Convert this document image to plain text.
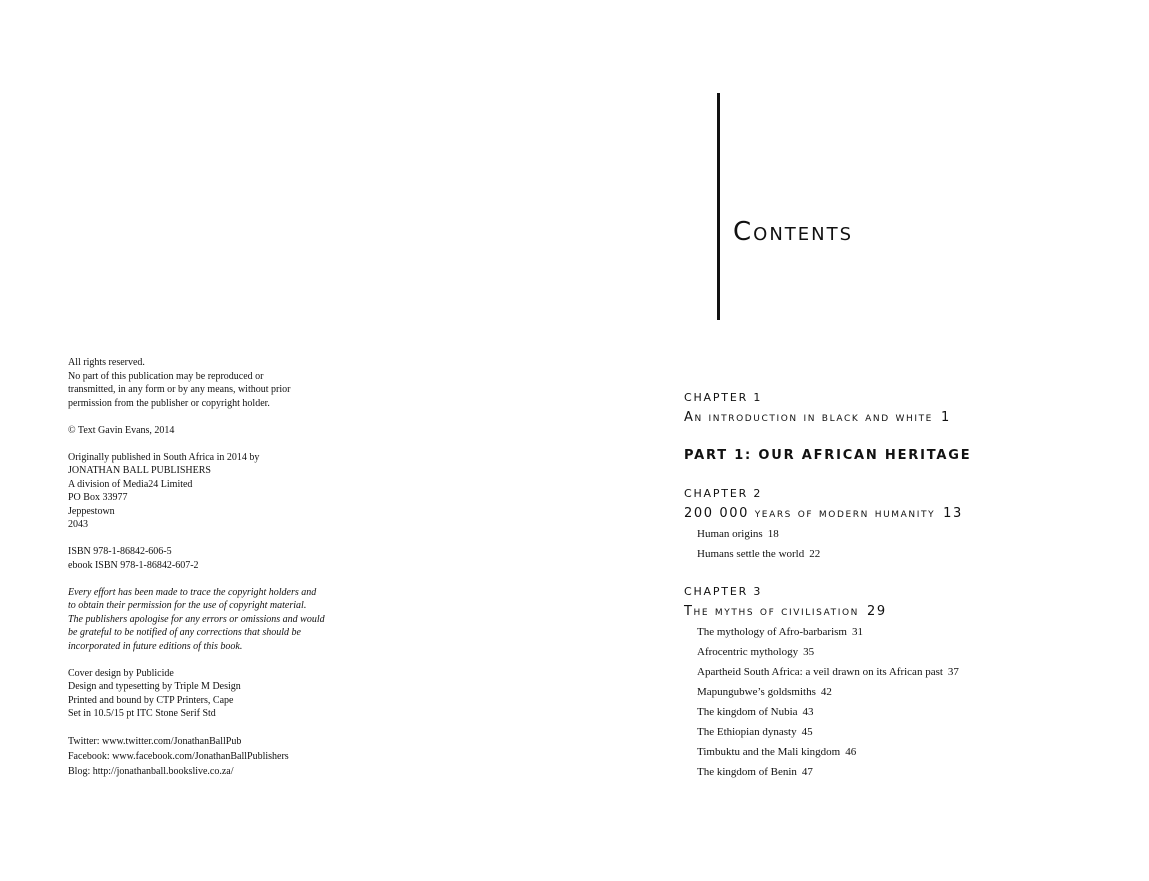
All rights reserved.
No part of this publication may be reproduced or
transmitted, in any form or by any means, without prior
permission from the publisher or copyright holder.
© Text Gavin Evans, 2014
Originally published in South Africa in 2014 by
JONATHAN BALL PUBLISHERS
A division of Media24 Limited
PO Box 33977
Jeppestown
2043
ISBN 978-1-86842-606-5
ebook ISBN 978-1-86842-607-2
Every effort has been made to trace the copyright holders and
to obtain their permission for the use of copyright material.
The publishers apologise for any errors or omissions and would
be grateful to be notified of any corrections that should be
incorporated in future editions of this book.
Cover design by Publicide
Design and typesetting by Triple M Design
Printed and bound by CTP Printers, Cape
Set in 10.5/15 pt ITC Stone Serif Std
Twitter: www.twitter.com/JonathanBallPub
Facebook: www.facebook.com/JonathanBallPublishers
Blog: http://jonathanball.bookslive.co.za/
Contents
CHAPTER 1
An introduction in black and white 1
PART 1: OUR AFRICAN HERITAGE
CHAPTER 2
200 000 years of modern humanity 13
Human origins 18
Humans settle the world 22
CHAPTER 3
The myths of civilisation 29
The mythology of Afro-barbarism 31
Afrocentric mythology 35
Apartheid South Africa: a veil drawn on its African past 37
Mapungubwe’s goldsmiths 42
The kingdom of Nubia 43
The Ethiopian dynasty 45
Timbuktu and the Mali kingdom 46
The kingdom of Benin 47
